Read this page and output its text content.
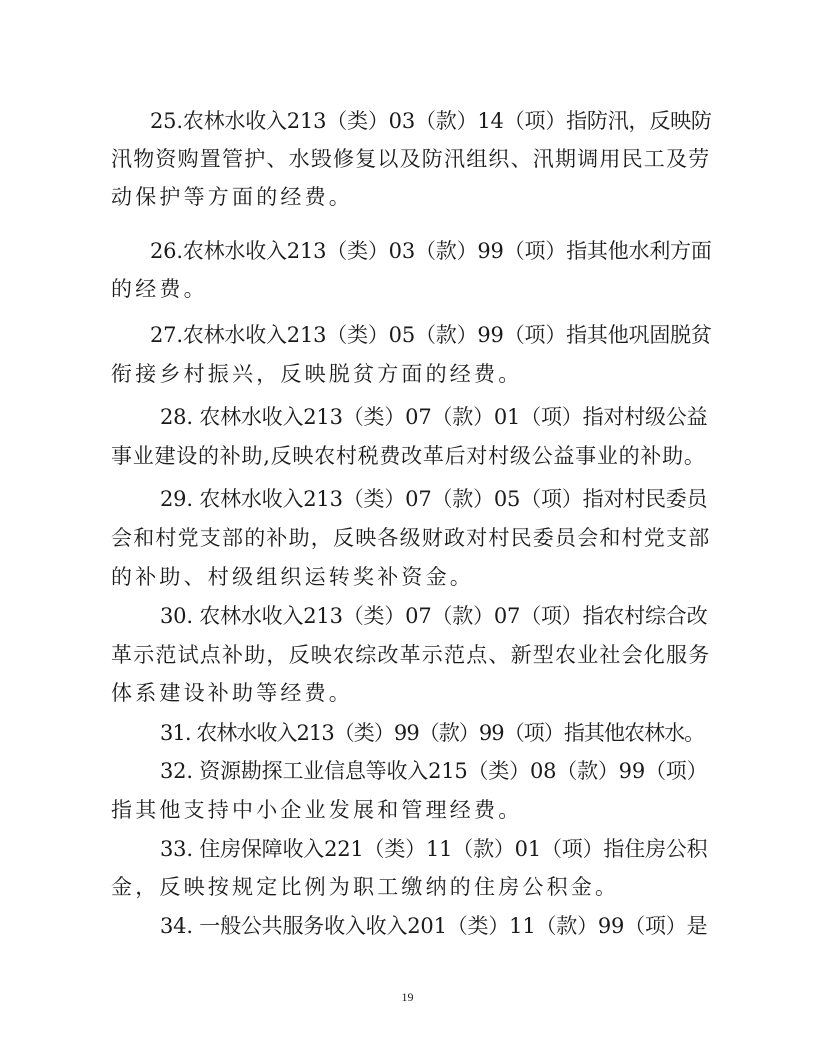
25.农林水收入213（类）03（款）14（项）指防汛，反映防
汛物资购置管护、水毁修复以及防汛组织、汛期调用民工及劳
动保护等方面的经费。
26.农林水收入213（类）03（款）99（项）指其他水利方面
的经费。
27.农林水收入213（类）05（款）99（项）指其他巩固脱贫
衔接乡村振兴，反映脱贫方面的经费。
28. 农林水收入213（类）07（款）01（项）指对村级公益
事业建设的补助,反映农村税费改革后对村级公益事业的补助。
29. 农林水收入213（类）07（款）05（项）指对村民委员
会和村党支部的补助，反映各级财政对村民委员会和村党支部
的补助、村级组织运转奖补资金。
30. 农林水收入213（类）07（款）07（项）指农村综合改
革示范试点补助，反映农综改革示范点、新型农业社会化服务
体系建设补助等经费。
31. 农林水收入213（类）99（款）99（项）指其他农林水。
32. 资源勘探工业信息等收入215（类）08（款）99（项）
指其他支持中小企业发展和管理经费。
33. 住房保障收入221（类）11（款）01（项）指住房公积
金，反映按规定比例为职工缴纳的住房公积金。
34. 一般公共服务收入收入201（类）11（款）99（项）是
19
